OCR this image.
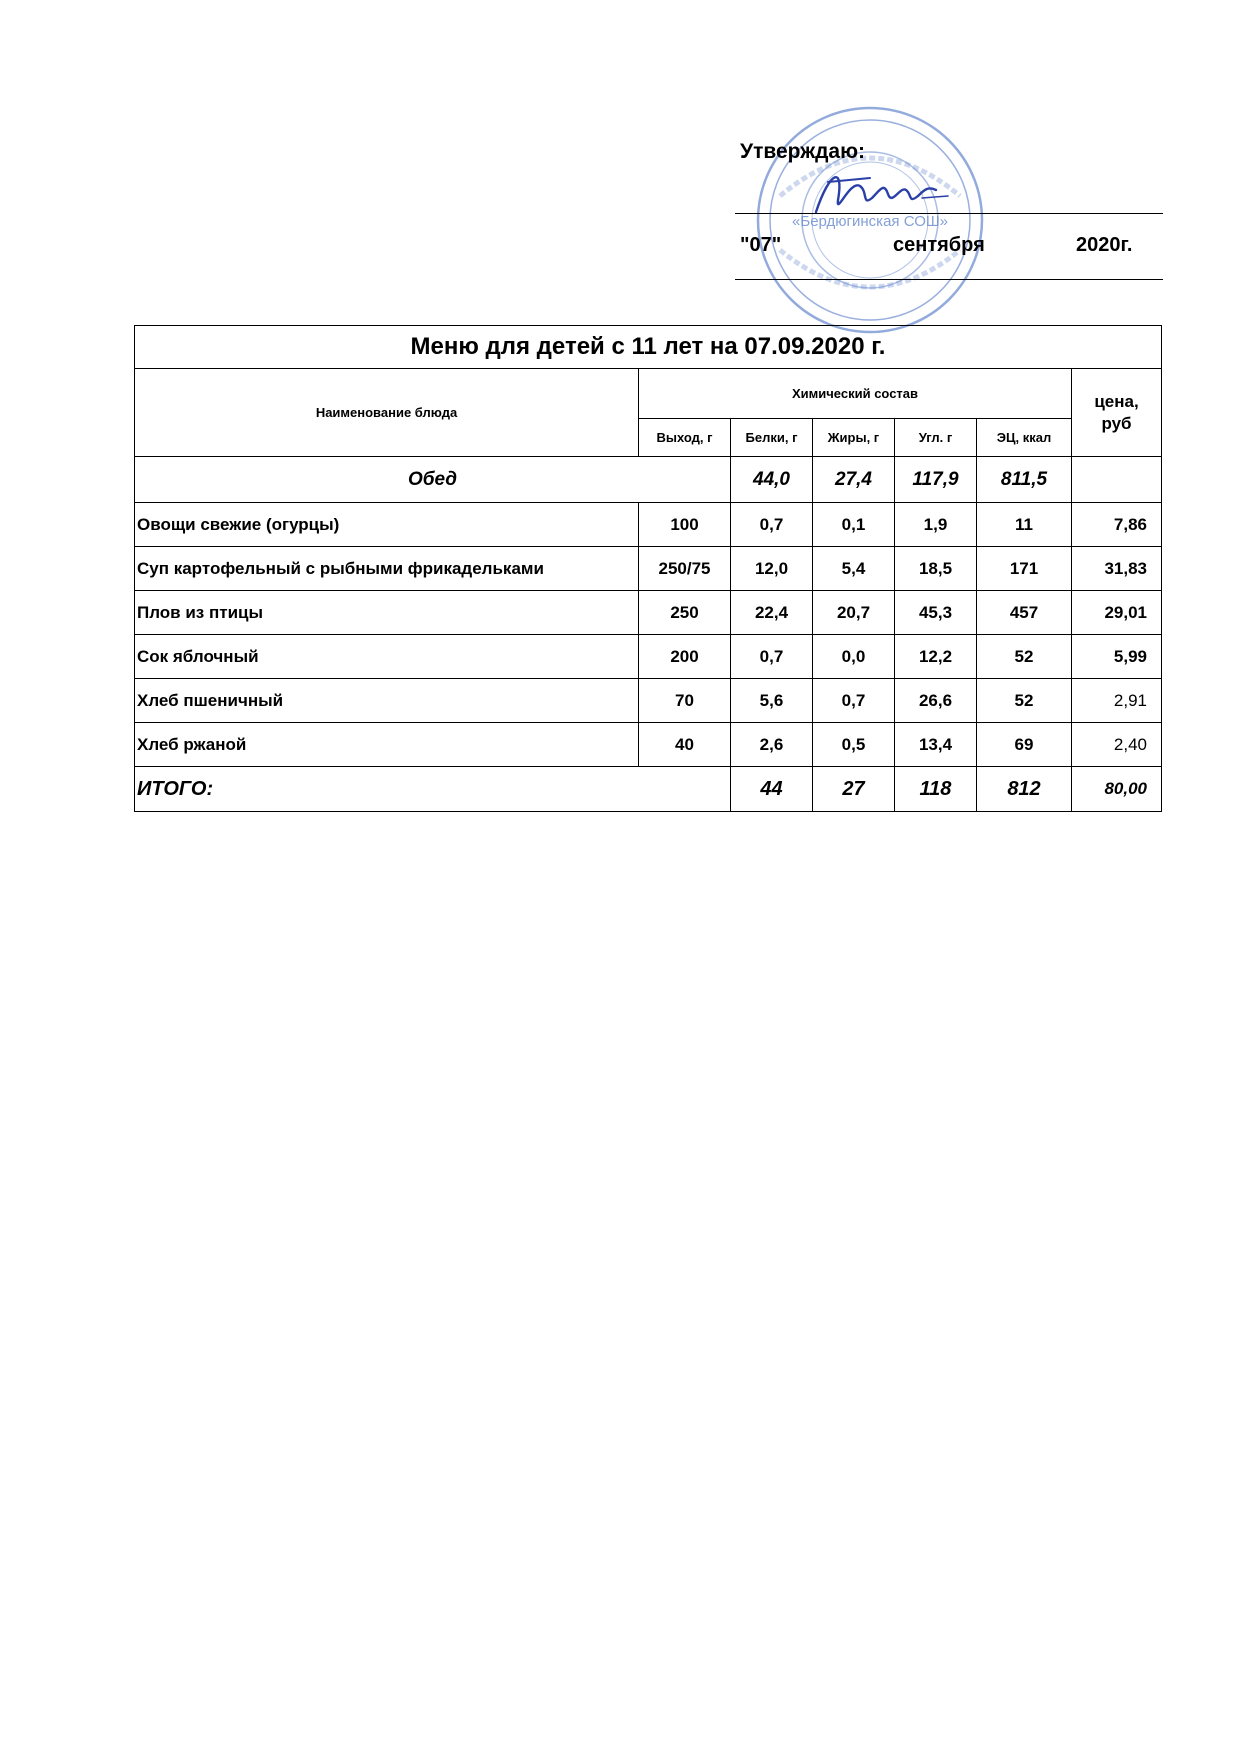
«Бердюгинская СОШ»
Утверждаю:
"07"	сентября	2020г.
Меню для детей с 11 лет на 07.09.2020 г.						
Наименование блюда	Химический состав					цена, руб
	Выход, г	Белки, г	Жиры, г	Угл. г	ЭЦ, ккал	
Обед		44,0	27,4	117,9	811,5	
Овощи свежие (огурцы)	100	0,7	0,1	1,9	11	7,86
Суп картофельный с рыбными фрикадельками	250/75	12,0	5,4	18,5	171	31,83
Плов из птицы	250	22,4	20,7	45,3	457	29,01
Сок яблочный	200	0,7	0,0	12,2	52	5,99
Хлеб пшеничный	70	5,6	0,7	26,6	52	2,91
Хлеб ржаной	40	2,6	0,5	13,4	69	2,40
ИТОГО:		44	27	118	812	80,00
